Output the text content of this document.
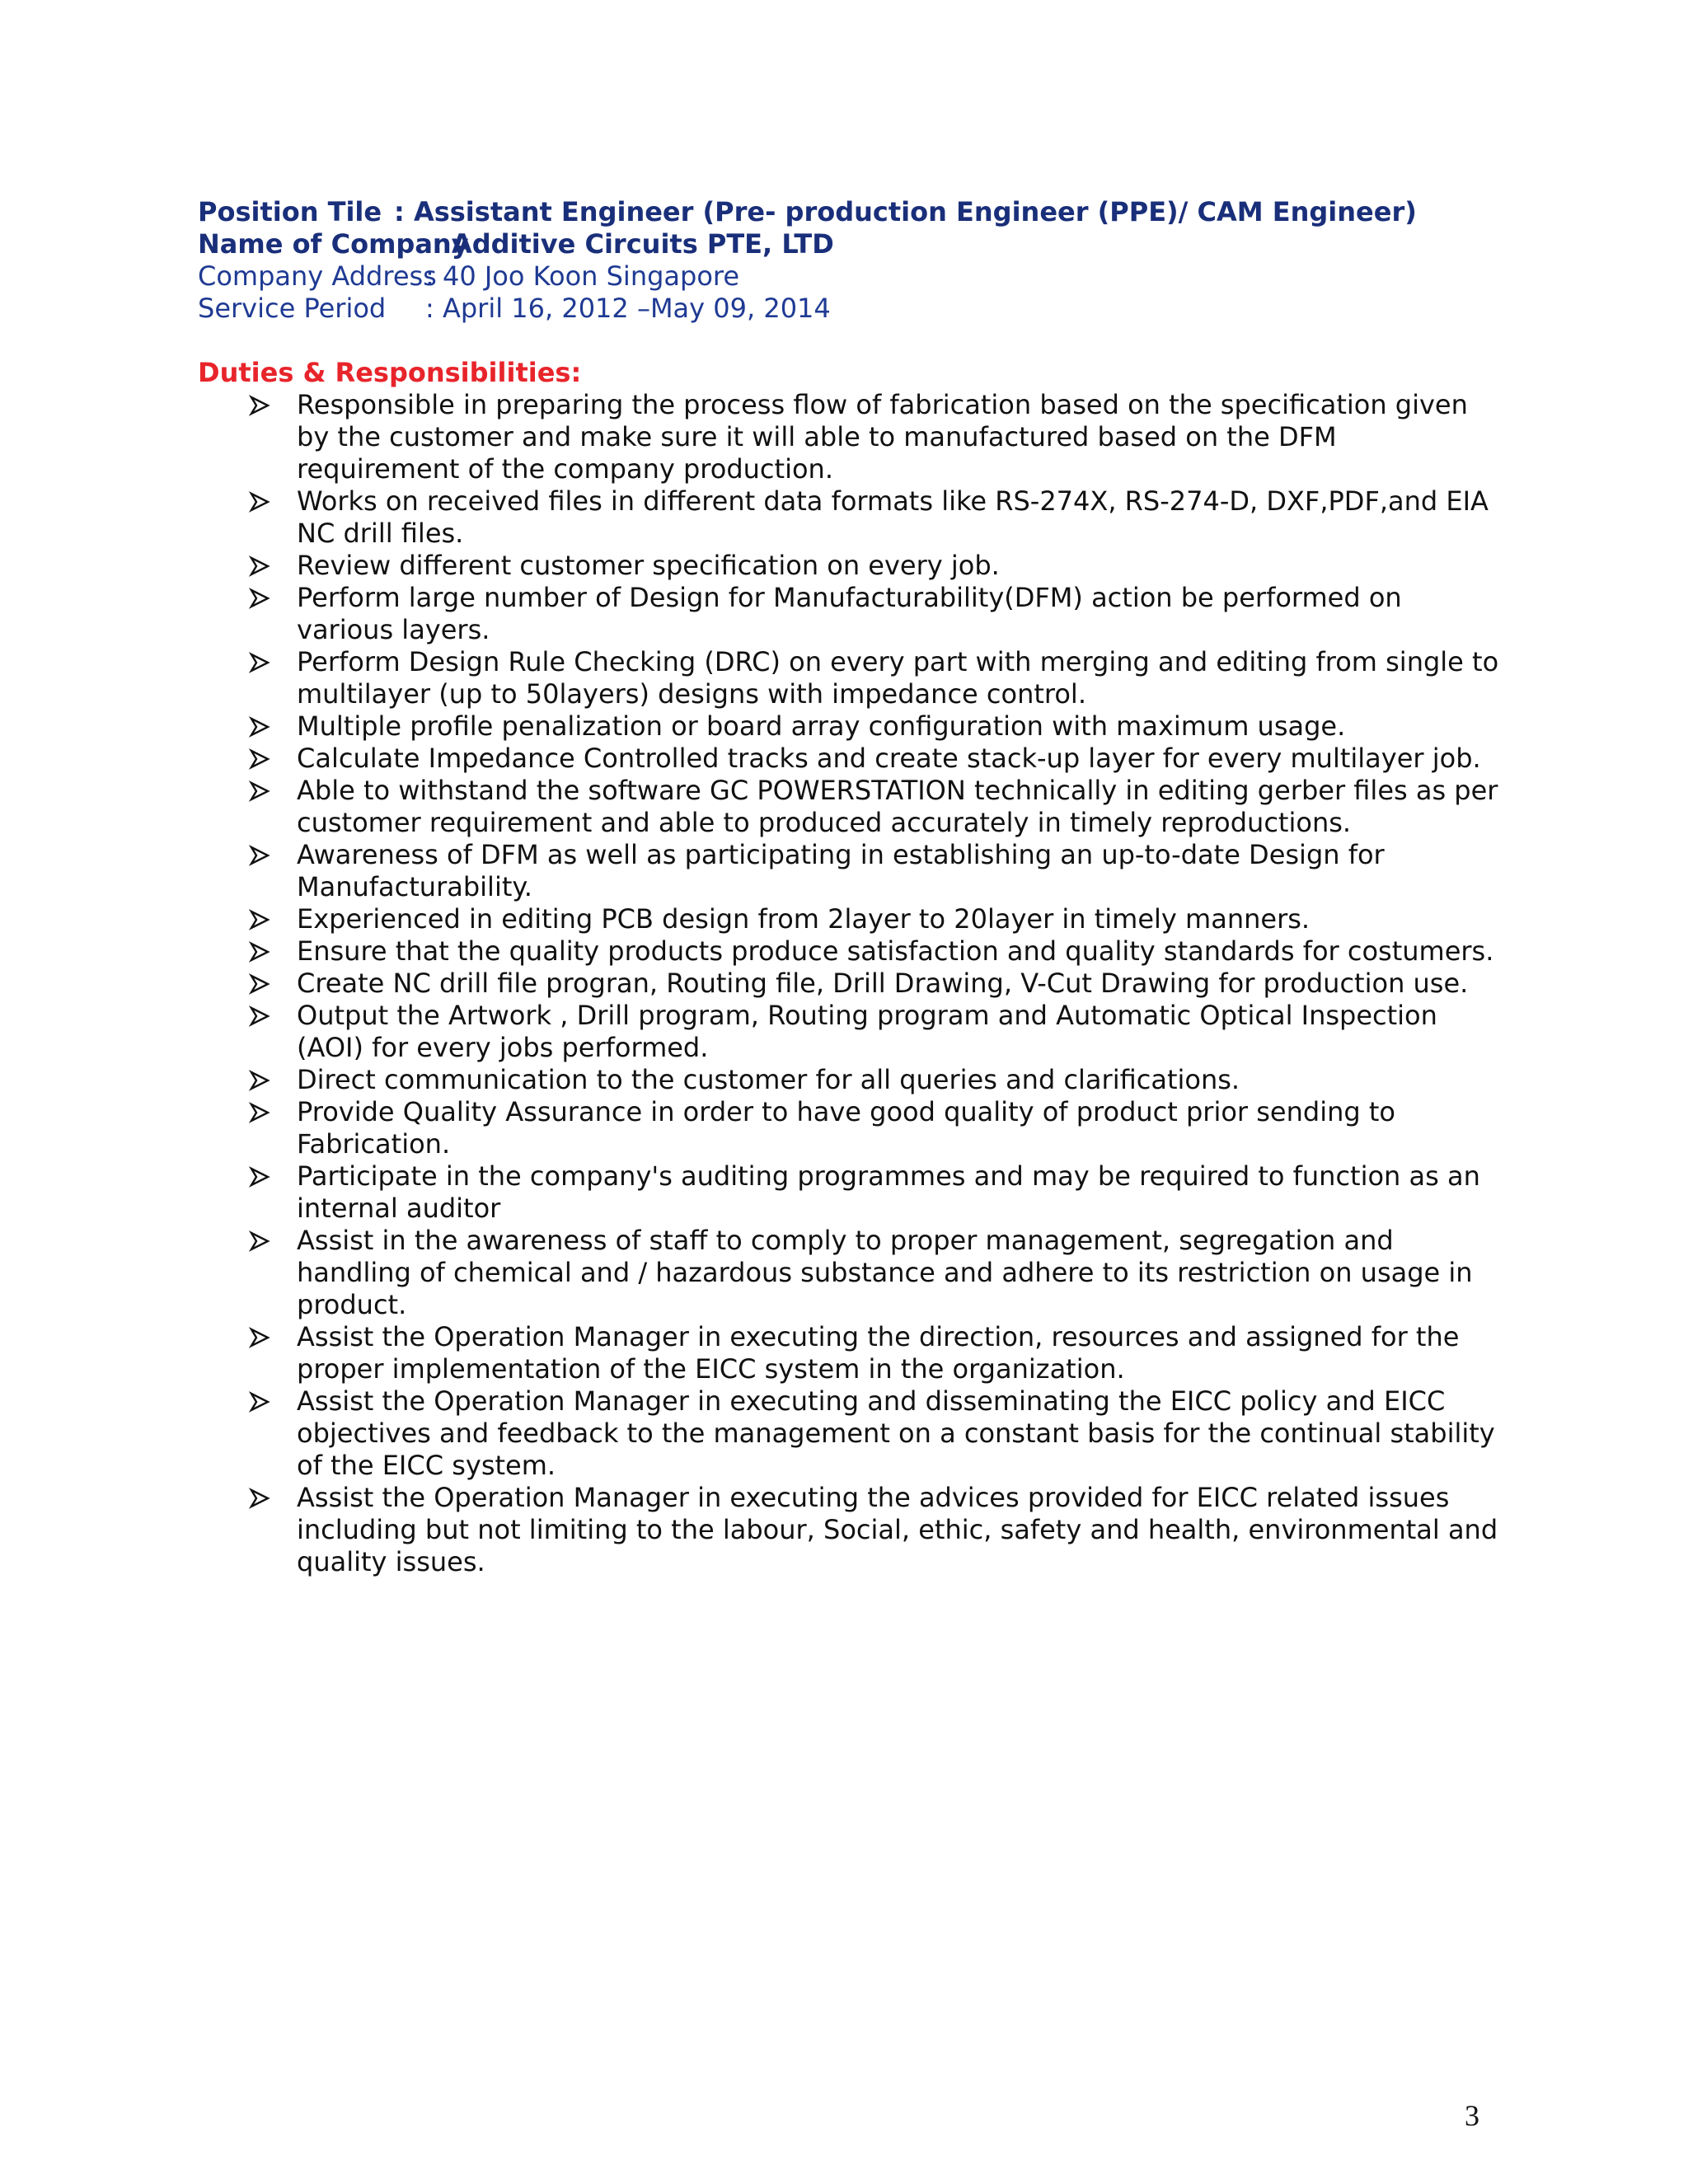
Position Tile : Assistant Engineer (Pre- production Engineer (PPE)/ CAM Engineer)
Name of Company
: Additive Circuits PTE, LTD
Company Address
: 40 Joo Koon Singapore
Service Period : April 16, 2012 –May 09, 2014
Duties & Responsibilities:
Responsible in preparing the process flow of fabrication based on the specification given by the customer and make sure it will able to manufactured based on the DFM requirement of the company production.
Works on received files in different data formats like RS-274X, RS-274-D, DXF,PDF,and EIA NC drill files.
Review different customer specification on every job.
Perform large number of Design for Manufacturability(DFM) action be performed on various layers.
Perform Design Rule Checking (DRC) on every part with merging and editing from single to multilayer (up to 50layers) designs with impedance control.
Multiple profile penalization or board array configuration with maximum usage.
Calculate Impedance Controlled tracks and create stack-up layer for every multilayer job.
Able to withstand the software GC POWERSTATION technically in editing gerber files as per customer requirement and able to produced accurately in timely reproductions.
Awareness of DFM as well as participating in establishing an up-to-date Design for Manufacturability.
Experienced in editing PCB design from 2layer to 20layer in timely manners.
Ensure that the quality products produce satisfaction and quality standards for costumers.
Create NC drill file progran, Routing file, Drill Drawing, V-Cut Drawing for production use.
Output the Artwork , Drill program, Routing program and Automatic Optical Inspection (AOI) for every jobs performed.
Direct communication to the customer for all queries and clarifications.
Provide Quality Assurance in order to have good quality of product prior sending to Fabrication.
Participate in the company's auditing programmes and may be required to function as an internal auditor
Assist in the awareness of staff to comply to proper management, segregation and handling of chemical and / hazardous substance and adhere to its restriction on usage in product.
Assist the Operation Manager in executing the direction, resources and assigned for the proper implementation of the EICC system in the organization.
Assist the Operation Manager in executing and disseminating the EICC policy and EICC objectives and feedback to the management on a constant basis for the continual stability of the EICC system.
Assist the Operation Manager in executing the advices provided for EICC related issues including but not limiting to the labour, Social, ethic, safety and health, environmental and quality issues.
3
